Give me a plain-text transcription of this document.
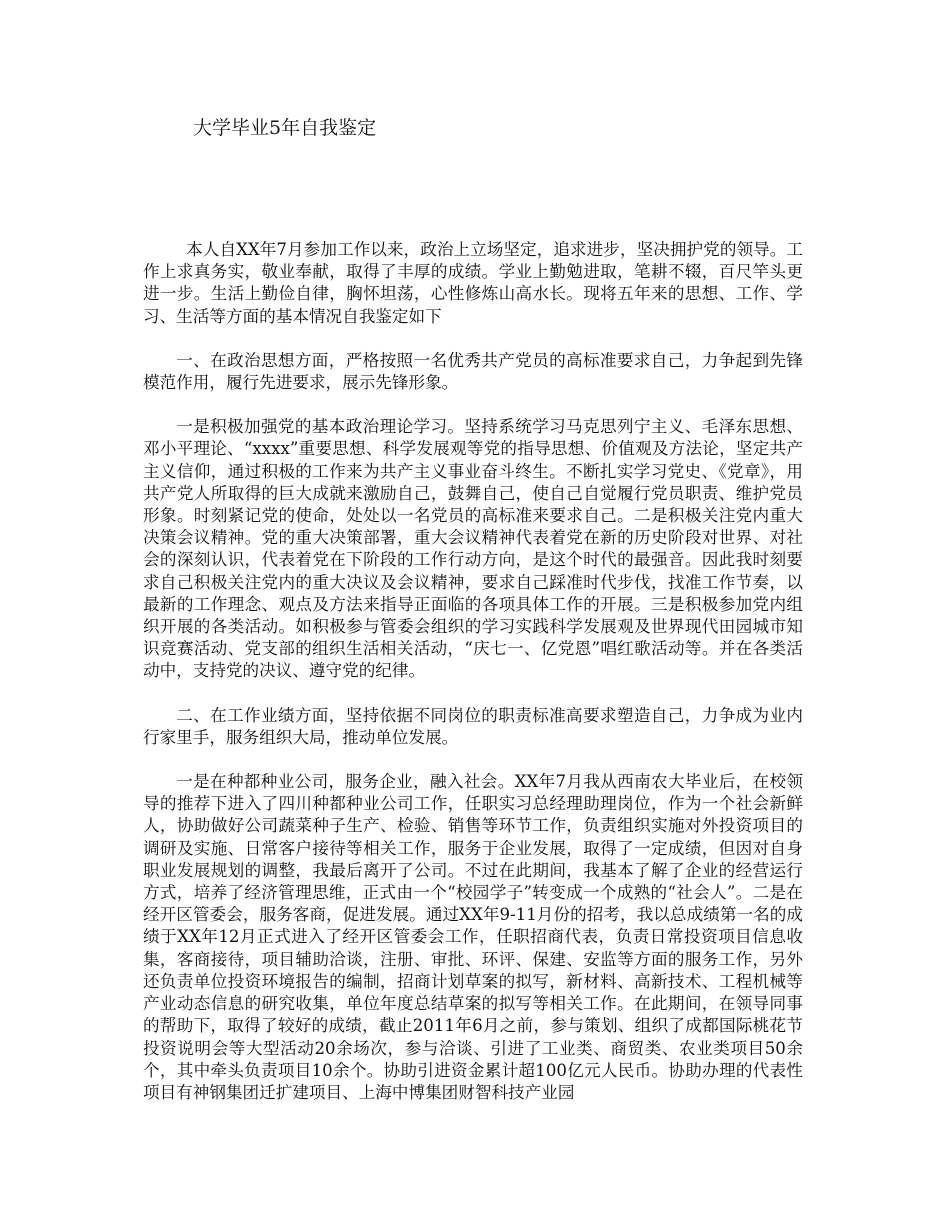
大学毕业5年自我鉴定

本人自XX年7月参加工作以来，政治上立场坚定，追求进步，坚决拥护党的领导。工作上求真务实，敬业奉献，取得了丰厚的成绩。学业上勤勉进取，笔耕不辍，百尺竿头更进一步。生活上勤俭自律，胸怀坦荡，心性修炼山高水长。现将五年来的思想、工作、学习、生活等方面的基本情况自我鉴定如下

一、在政治思想方面，严格按照一名优秀共产党员的高标准要求自己，力争起到先锋模范作用，履行先进要求，展示先锋形象。

一是积极加强党的基本政治理论学习。坚持系统学习马克思列宁主义、毛泽东思想、邓小平理论、“xxxx”重要思想、科学发展观等党的指导思想、价值观及方法论，坚定共产主义信仰，通过积极的工作来为共产主义事业奋斗终生。不断扎实学习党史、《党章》，用共产党人所取得的巨大成就来激励自己，鼓舞自己，使自己自觉履行党员职责、维护党员形象。时刻紧记党的使命，处处以一名党员的高标准来要求自己。二是积极关注党内重大决策会议精神。党的重大决策部署，重大会议精神代表着党在新的历史阶段对世界、对社会的深刻认识，代表着党在下阶段的工作行动方向，是这个时代的最强音。因此我时刻要求自己积极关注党内的重大决议及会议精神，要求自己踩准时代步伐，找准工作节奏，以最新的工作理念、观点及方法来指导正面临的各项具体工作的开展。三是积极参加党内组织开展的各类活动。如积极参与管委会组织的学习实践科学发展观及世界现代田园城市知识竞赛活动、党支部的组织生活相关活动，“庆七一、亿党恩”唱红歌活动等。并在各类活动中，支持党的决议、遵守党的纪律。

二、在工作业绩方面，坚持依据不同岗位的职责标准高要求塑造自己，力争成为业内行家里手，服务组织大局，推动单位发展。

一是在种都种业公司，服务企业，融入社会。XX年7月我从西南农大毕业后，在校领导的推荐下进入了四川种都种业公司工作，任职实习总经理助理岗位，作为一个社会新鲜人，协助做好公司蔬菜种子生产、检验、销售等环节工作，负责组织实施对外投资项目的调研及实施、日常客户接待等相关工作，服务于企业发展，取得了一定成绩，但因对自身职业发展规划的调整，我最后离开了公司。不过在此期间，我基本了解了企业的经营运行方式，培养了经济管理思维，正式由一个“校园学子”转变成一个成熟的“社会人”。二是在经开区管委会，服务客商，促进发展。通过XX年9-11月份的招考，我以总成绩第一名的成绩于XX年12月正式进入了经开区管委会工作，任职招商代表，负责日常投资项目信息收集，客商接待，项目辅助洽谈，注册、审批、环评、保建、安监等方面的服务工作，另外还负责单位投资环境报告的编制，招商计划草案的拟写，新材料、高新技术、工程机械等产业动态信息的研究收集，单位年度总结草案的拟写等相关工作。在此期间，在领导同事的帮助下，取得了较好的成绩，截止2011年6月之前，参与策划、组织了成都国际桃花节投资说明会等大型活动20余场次，参与洽谈、引进了工业类、商贸类、农业类项目50余个，其中牵头负责项目10余个。协助引进资金累计超100亿元人民币。协助办理的代表性项目有神钢集团迁扩建项目、上海中博集团财智科技产业园
